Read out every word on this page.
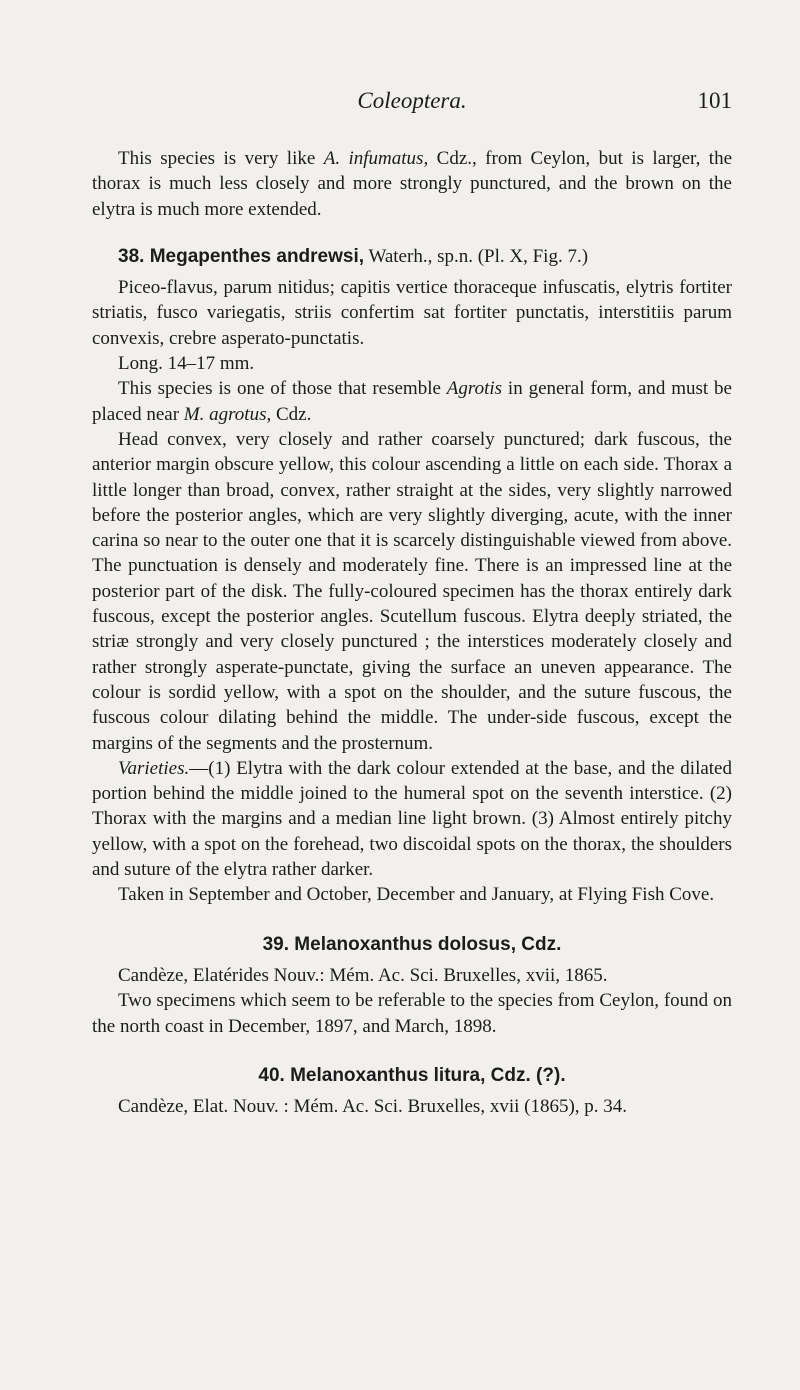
Coleoptera.	101

This species is very like A. infumatus, Cdz., from Ceylon, but is larger, the thorax is much less closely and more strongly punctured, and the brown on the elytra is much more extended.

38. Megapenthes andrewsi, Waterh., sp.n. (Pl. X, Fig. 7.)

Piceo-flavus, parum nitidus; capitis vertice thoraceque infuscatis, elytris fortiter striatis, fusco variegatis, striis confertim sat fortiter punctatis, interstitiis parum convexis, crebre asperato-punctatis.

Long. 14–17 mm.

This species is one of those that resemble Agrotis in general form, and must be placed near M. agrotus, Cdz.

Head convex, very closely and rather coarsely punctured; dark fuscous, the anterior margin obscure yellow, this colour ascending a little on each side. Thorax a little longer than broad, convex, rather straight at the sides, very slightly narrowed before the posterior angles, which are very slightly diverging, acute, with the inner carina so near to the outer one that it is scarcely distinguishable viewed from above. The punctuation is densely and moderately fine. There is an impressed line at the posterior part of the disk. The fully-coloured specimen has the thorax entirely dark fuscous, except the posterior angles. Scutellum fuscous. Elytra deeply striated, the striæ strongly and very closely punctured ; the interstices moderately closely and rather strongly asperate-punctate, giving the surface an uneven appearance. The colour is sordid yellow, with a spot on the shoulder, and the suture fuscous, the fuscous colour dilating behind the middle. The under-side fuscous, except the margins of the segments and the prosternum.

Varieties.—(1) Elytra with the dark colour extended at the base, and the dilated portion behind the middle joined to the humeral spot on the seventh interstice. (2) Thorax with the margins and a median line light brown. (3) Almost entirely pitchy yellow, with a spot on the forehead, two discoidal spots on the thorax, the shoulders and suture of the elytra rather darker.

Taken in September and October, December and January, at Flying Fish Cove.

39. Melanoxanthus dolosus, Cdz.

Candèze, Elatérides Nouv.: Mém. Ac. Sci. Bruxelles, xvii, 1865.

Two specimens which seem to be referable to the species from Ceylon, found on the north coast in December, 1897, and March, 1898.

40. Melanoxanthus litura, Cdz. (?).

Candèze, Elat. Nouv. : Mém. Ac. Sci. Bruxelles, xvii (1865), p. 34.
